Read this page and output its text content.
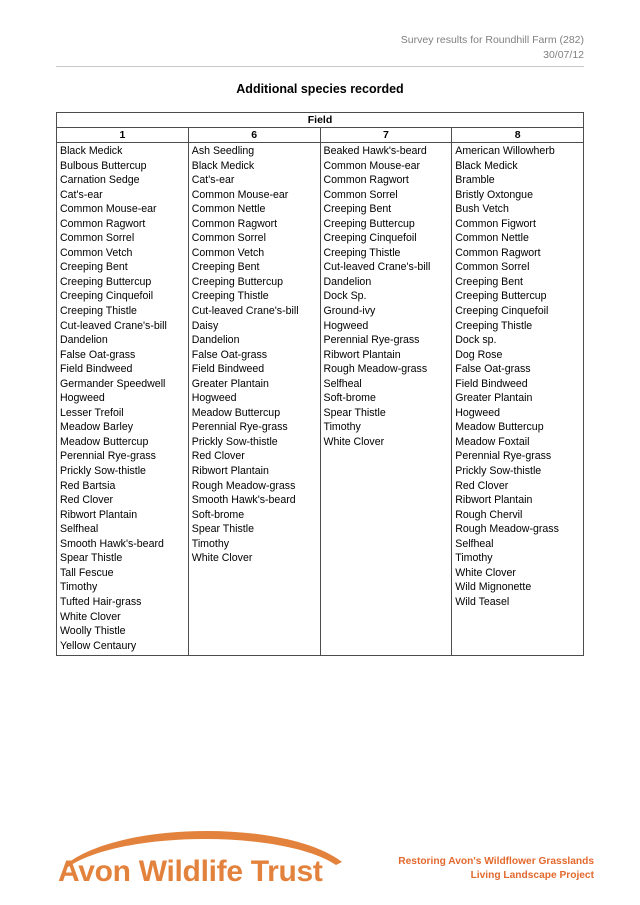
Survey results for Roundhill Farm (282)
30/07/12
Additional species recorded
Field			
1	6	7	8

Black Medick
Bulbous Buttercup
Carnation Sedge
Cat's-ear
Common Mouse-ear
Common Ragwort
Common Sorrel
Common Vetch
Creeping Bent
Creeping Buttercup
Creeping Cinquefoil
Creeping Thistle
Cut-leaved Crane's-bill
Dandelion
False Oat-grass
Field Bindweed
Germander Speedwell
Hogweed
Lesser Trefoil
Meadow Barley
Meadow Buttercup
Perennial Rye-grass
Prickly Sow-thistle
Red Bartsia
Red Clover
Ribwort Plantain
Selfheal
Smooth Hawk's-beard
Spear Thistle
Tall Fescue
Timothy
Tufted Hair-grass
White Clover
Woolly Thistle
Yellow Centaury

Ash Seedling
Black Medick
Cat's-ear
Common Mouse-ear
Common Nettle
Common Ragwort
Common Sorrel
Common Vetch
Creeping Bent
Creeping Buttercup
Creeping Thistle
Cut-leaved Crane's-bill
Daisy
Dandelion
False Oat-grass
Field Bindweed
Greater Plantain
Hogweed
Meadow Buttercup
Perennial Rye-grass
Prickly Sow-thistle
Red Clover
Ribwort Plantain
Rough Meadow-grass
Smooth Hawk's-beard
Soft-brome
Spear Thistle
Timothy
White Clover

Beaked Hawk's-beard
Common Mouse-ear
Common Ragwort
Common Sorrel
Creeping Bent
Creeping Buttercup
Creeping Cinquefoil
Creeping Thistle
Cut-leaved Crane's-bill
Dandelion
Dock Sp.
Ground-ivy
Hogweed
Perennial Rye-grass
Ribwort Plantain
Rough Meadow-grass
Selfheal
Soft-brome
Spear Thistle
Timothy
White Clover

American Willowherb
Black Medick
Bramble
Bristly Oxtongue
Bush Vetch
Common Figwort
Common Nettle
Common Ragwort
Common Sorrel
Creeping Bent
Creeping Buttercup
Creeping Cinquefoil
Creeping Thistle
Dock sp.
Dog Rose
False Oat-grass
Field Bindweed
Greater Plantain
Hogweed
Meadow Buttercup
Meadow Foxtail
Perennial Rye-grass
Prickly Sow-thistle
Red Clover
Ribwort Plantain
Rough Chervil
Rough Meadow-grass
Selfheal
Timothy
White Clover
Wild Mignonette
Wild Teasel
Avon Wildlife Trust	Restoring Avon's Wildflower Grasslands
Living Landscape Project
